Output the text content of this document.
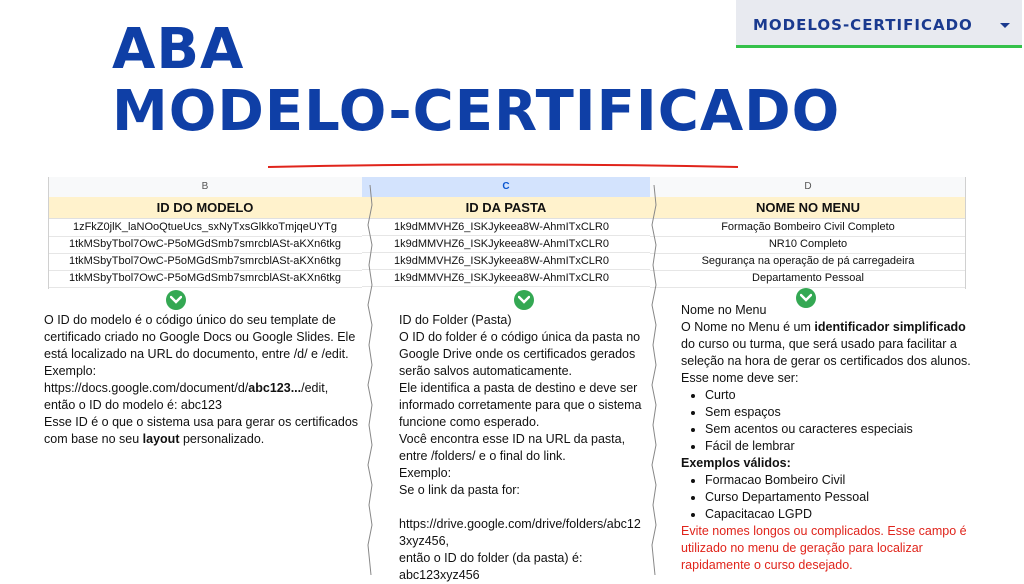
ABA
MODELO-CERTIFICADO
MODELOS-CERTIFICADO
B	C	D
ID DO MODELO	ID DA PASTA	NOME NO MENU
1zFkZ0jlK_laNOoQtueUcs_sxNyTxsGlkkoTmjqeUYTg	1k9dMMVHZ6_ISKJykeea8W-AhmITxCLR0	Formação Bombeiro Civil Completo
1tkMSbyTbol7OwC-P5oMGdSmb7smrcblASt-aKXn6tkg	1k9dMMVHZ6_ISKJykeea8W-AhmITxCLR0	NR10 Completo
1tkMSbyTbol7OwC-P5oMGdSmb7smrcblASt-aKXn6tkg	1k9dMMVHZ6_ISKJykeea8W-AhmITxCLR0	Segurança na operação de pá carregadeira
1tkMSbyTbol7OwC-P5oMGdSmb7smrcblASt-aKXn6tkg	1k9dMMVHZ6_ISKJykeea8W-AhmITxCLR0	Departamento Pessoal

O ID do modelo é o código único do seu template de certificado criado no Google Docs ou Google Slides. Ele está localizado na URL do documento, entre /d/ e /edit.

Exemplo:

https://docs.google.com/document/d/abc123.../edit,

então o ID do modelo é: abc123

Esse ID é o que o sistema usa para gerar os certificados com base no seu layout personalizado.

ID do Folder (Pasta)

O ID do folder é o código única da pasta no Google Drive onde os certificados gerados serão salvos automaticamente.

Ele identifica a pasta de destino e deve ser informado corretamente para que o sistema funcione como esperado.

Você encontra esse ID na URL da pasta, entre /folders/ e o final do link.

Exemplo:

Se o link da pasta for:

https://drive.google.com/drive/folders/abc123xyz456,

então o ID do folder (da pasta) é: abc123xyz456

Nome no Menu

O Nome no Menu é um identificador simplificado do curso ou turma, que será usado para facilitar a seleção na hora de gerar os certificados dos alunos.

Esse nome deve ser:

• Curto
• Sem espaços
• Sem acentos ou caracteres especiais
• Fácil de lembrar

Exemplos válidos:

• Formacao Bombeiro Civil
• Curso Departamento Pessoal
• Capacitacao LGPD

Evite nomes longos ou complicados. Esse campo é utilizado no menu de geração para localizar rapidamente o curso desejado.
